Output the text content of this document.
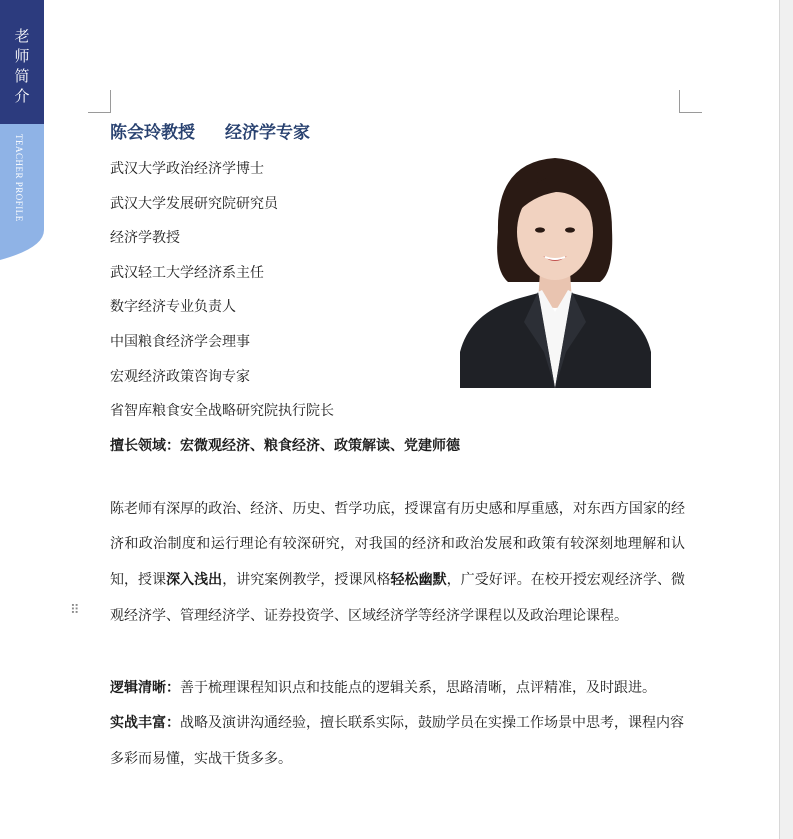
老师简介
TEACHER PROFILE
⠿
陈会玲教授 经济学专家
武汉大学政治经济学博士
武汉大学发展研究院研究员
经济学教授
武汉轻工大学经济系主任
数字经济专业负责人
中国粮食经济学会理事
宏观经济政策咨询专家
省智库粮食安全战略研究院执行院长
擅长领域：宏微观经济、粮食经济、政策解读、党建师德

陈老师有深厚的政治、经济、历史、哲学功底，授课富有历史感和厚重感，对东西方国家的经济和政治制度和运行理论有较深研究，对我国的经济和政治发展和政策有较深刻地理解和认知，授课深入浅出，讲究案例教学，授课风格轻松幽默，广受好评。在校开授宏观经济学、微观经济学、管理经济学、证券投资学、区域经济学等经济学课程以及政治理论课程。

逻辑清晰：善于梳理课程知识点和技能点的逻辑关系，思路清晰，点评精准，及时跟进。

实战丰富：战略及演讲沟通经验，擅长联系实际，鼓励学员在实操工作场景中思考，课程内容多彩而易懂，实战干货多多。
